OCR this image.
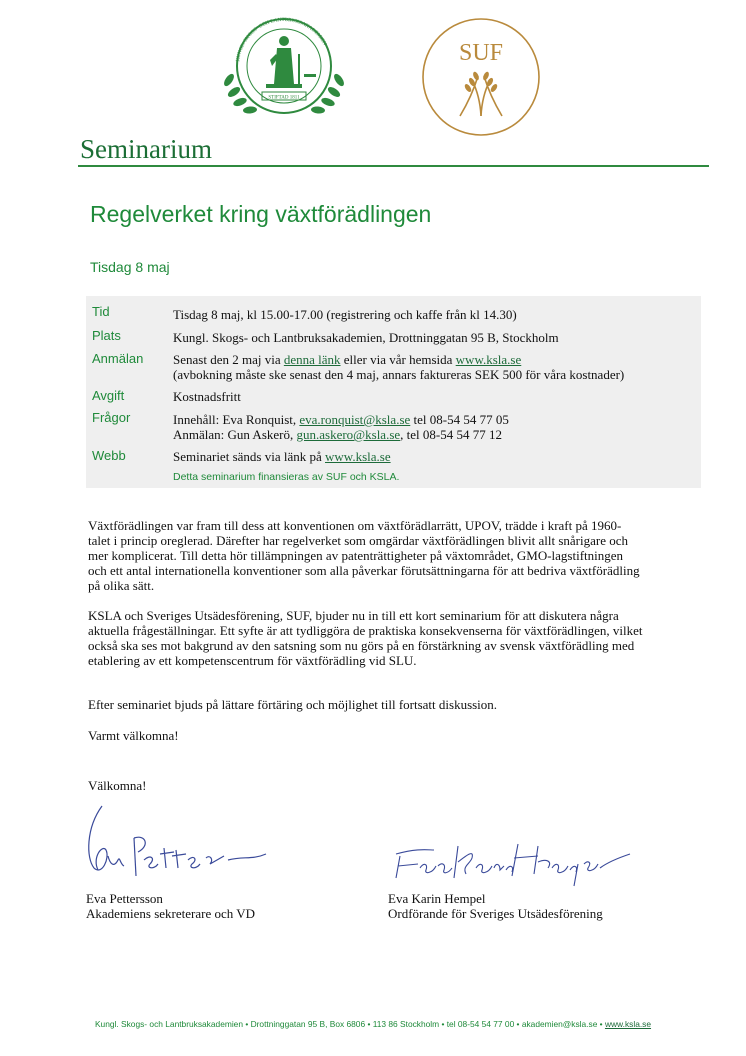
KUNGL. SKOGS- OCH LANTBRUKSAKADEMIEN
STIFTAD 1811
SUF
Seminarium
Regelverket kring växtförädlingen
Tisdag 8 maj
Tid	Tisdag 8 maj, kl 15.00-17.00 (registrering och kaffe från kl 14.30)
Plats	Kungl. Skogs- och Lantbruksakademien, Drottninggatan 95 B, Stockholm
Anmälan Senast den 2 maj via denna länk eller via vår hemsida www.ksla.se
(avbokning måste ske senast den 4 maj, annars faktureras SEK 500 för våra kostnader)
Avgift	Kostnadsfritt
Frågor	Innehåll: Eva Ronquist, eva.ronquist@ksla.se tel 08-54 54 77 05
Anmälan: Gun Askerö, gun.askero@ksla.se, tel 08-54 54 77 12
Webb	Seminariet sänds via länk på www.ksla.se
Detta seminarium finansieras av SUF och KSLA.
Växtförädlingen var fram till dess att konventionen om växtförädlarrätt, UPOV, trädde i kraft på 1960-
talet i princip oreglerad. Därefter har regelverket som omgärdar växtförädlingen blivit allt snårigare och
mer komplicerat. Till detta hör tillämpningen av patenträttigheter på växtområdet, GMO-lagstiftningen
och ett antal internationella konventioner som alla påverkar förutsättningarna för att bedriva växtförädling
på olika sätt.
KSLA och Sveriges Utsädesförening, SUF, bjuder nu in till ett kort seminarium för att diskutera några
aktuella frågeställningar. Ett syfte är att tydliggöra de praktiska konsekvenserna för växtförädlingen, vilket
också ska ses mot bakgrund av den satsning som nu görs på en förstärkning av svensk växtförädling med
etablering av ett kompetenscentrum för växtförädling vid SLU.
Efter seminariet bjuds på lättare förtäring och möjlighet till fortsatt diskussion.
Varmt välkomna!
Välkomna!
Eva Pettersson
Akademiens sekreterare och VD
Eva Karin Hempel
Ordförande för Sveriges Utsädesförening
Kungl. Skogs- och Lantbruksakademien • Drottninggatan 95 B, Box 6806 • 113 86 Stockholm • tel 08-54 54 77 00 • akademien@ksla.se • www.ksla.se
